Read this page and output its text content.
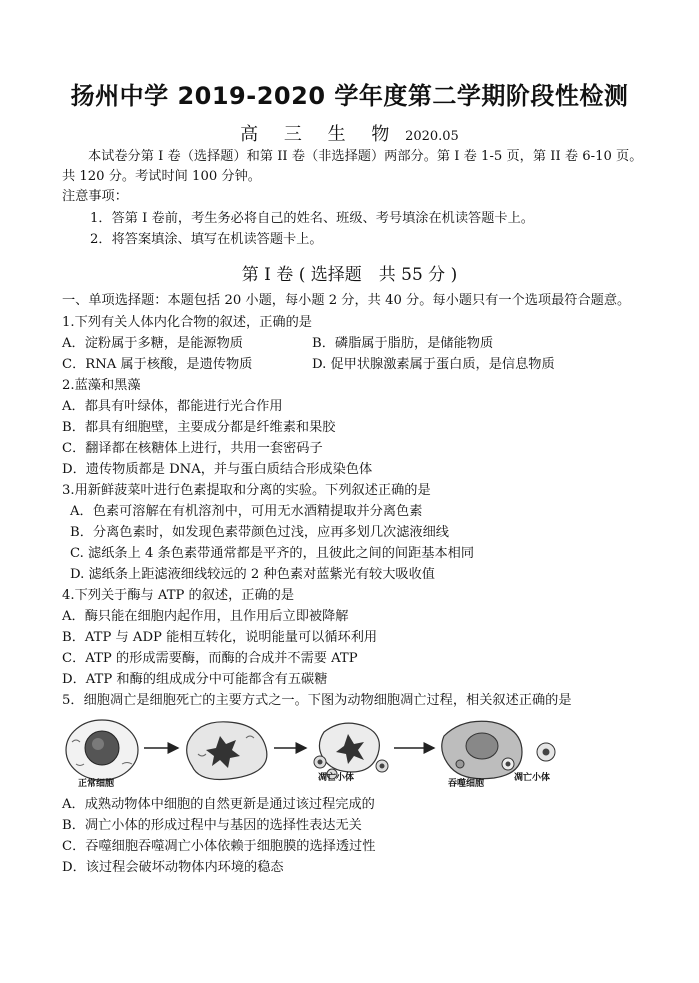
扬州中学 2019-2020 学年度第二学期阶段性检测
高 三 生 物 2020.05
本试卷分第 I 卷（选择题）和第 II 卷（非选择题）两部分。第 I 卷 1-5 页，第 II 卷 6-10 页。
共 120 分。考试时间 100 分钟。
注意事项：
1．答第 I 卷前，考生务必将自己的姓名、班级、考号填涂在机读答题卡上。
2．将答案填涂、填写在机读答题卡上。
第 I 卷 ( 选择题　共 55 分 )
一、单项选择题：本题包括 20 小题，每小题 2 分，共 40 分。每小题只有一个选项最符合题意。
1.下列有关人体内化合物的叙述，正确的是
A．淀粉属于多糖，是能源物质	B．磷脂属于脂肪，是储能物质
C．RNA 属于核酸，是遗传物质	D. 促甲状腺激素属于蛋白质，是信息物质
2.蓝藻和黑藻
A．都具有叶绿体，都能进行光合作用
B．都具有细胞壁，主要成分都是纤维素和果胶
C．翻译都在核糖体上进行，共用一套密码子
D．遗传物质都是 DNA，并与蛋白质结合形成染色体
3.用新鲜菠菜叶进行色素提取和分离的实验。下列叙述正确的是
A．色素可溶解在有机溶剂中，可用无水酒精提取并分离色素
B．分离色素时，如发现色素带颜色过浅，应再多划几次滤液细线
C. 滤纸条上 4 条色素带通常都是平齐的，且彼此之间的间距基本相同
D. 滤纸条上距滤液细线较远的 2 种色素对蓝紫光有较大吸收值
4.下列关于酶与 ATP 的叙述，正确的是
A．酶只能在细胞内起作用，且作用后立即被降解
B．ATP 与 ADP 能相互转化，说明能量可以循环利用
C．ATP 的形成需要酶，而酶的合成并不需要 ATP
D．ATP 和酶的组成成分中可能都含有五碳糖
5．细胞凋亡是细胞死亡的主要方式之一。下图为动物细胞凋亡过程，相关叙述正确的是
正常细胞
凋亡小体
吞噬细胞
凋亡小体
A．成熟动物体中细胞的自然更新是通过该过程完成的
B．凋亡小体的形成过程中与基因的选择性表达无关
C．吞噬细胞吞噬凋亡小体依赖于细胞膜的选择透过性
D．该过程会破坏动物体内环境的稳态
